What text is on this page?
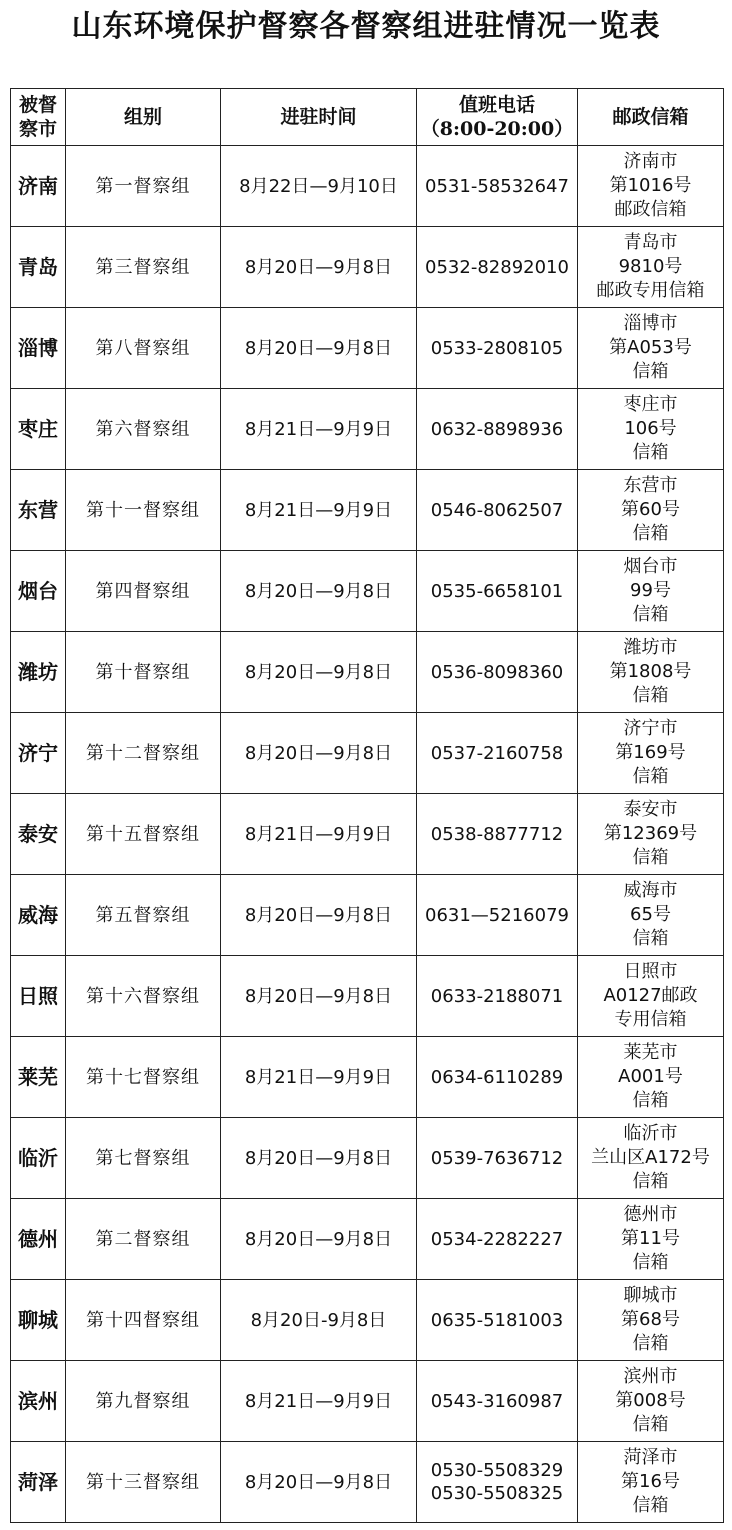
山东环境保护督察各督察组进驻情况一览表
被督
察市	组别	进驻时间	值班电话
（8:00-20:00）	邮政信箱
济南	第一督察组	8月22日—9月10日	0531-58532647	济南市
第1016号
邮政信箱

青岛	第三督察组	8月20日—9月8日	0532-82892010	青岛市
9810号
邮政专用信箱

淄博	第八督察组	8月20日—9月8日	0533-2808105	淄博市
第A053号
信箱

枣庄	第六督察组	8月21日—9月9日	0632-8898936	枣庄市
106号
信箱

东营	第十一督察组	8月21日—9月9日	0546-8062507	东营市
第60号
信箱

烟台	第四督察组	8月20日—9月8日	0535-6658101	烟台市
99号
信箱

潍坊	第十督察组	8月20日—9月8日	0536-8098360	潍坊市
第1808号
信箱

济宁	第十二督察组	8月20日—9月8日	0537-2160758	济宁市
第169号
信箱

泰安	第十五督察组	8月21日—9月9日	0538-8877712	泰安市
第12369号
信箱

威海	第五督察组	8月20日—9月8日	0631—5216079	威海市
65号
信箱

日照	第十六督察组	8月20日—9月8日	0633-2188071	日照市
A0127邮政
专用信箱

莱芜	第十七督察组	8月21日—9月9日	0634-6110289	莱芜市
A001号
信箱

临沂	第七督察组	8月20日—9月8日	0539-7636712	临沂市
兰山区A172号
信箱

德州	第二督察组	8月20日—9月8日	0534-2282227	德州市
第11号
信箱

聊城	第十四督察组	8月20日-9月8日	0635-5181003	聊城市
第68号
信箱

滨州	第九督察组	8月21日—9月9日	0543-3160987	滨州市
第008号
信箱

菏泽	第十三督察组	8月20日—9月8日	0530-5508329
0530-5508325	菏泽市
第16号
信箱
